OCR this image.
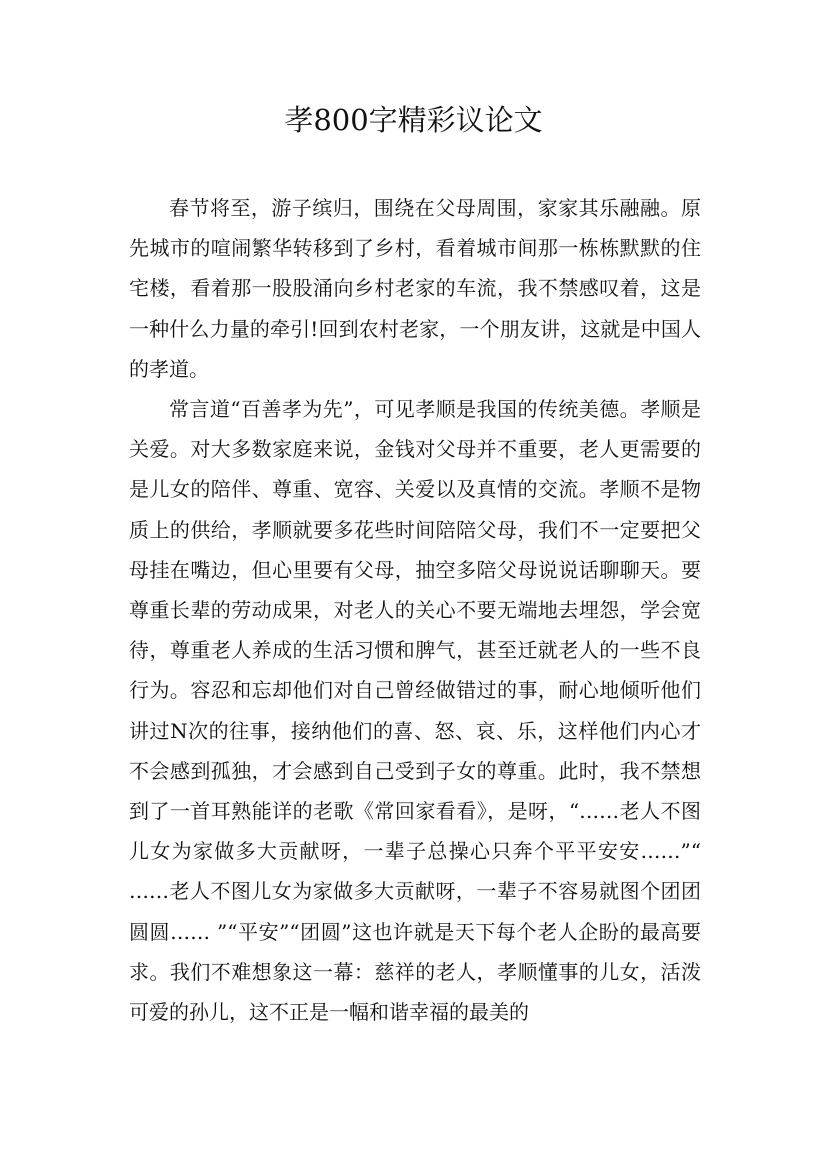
孝800字精彩议论文

春节将至，游子缤归，围绕在父母周围，家家其乐融融。原先城市的喧闹繁华转移到了乡村，看着城市间那一栋栋默默的住宅楼，看着那一股股涌向乡村老家的车流，我不禁感叹着，这是一种什么力量的牵引!回到农村老家，一个朋友讲，这就是中国人的孝道。

常言道“百善孝为先”，可见孝顺是我国的传统美德。孝顺是关爱。对大多数家庭来说，金钱对父母并不重要，老人更需要的是儿女的陪伴、尊重、宽容、关爱以及真情的交流。孝顺不是物质上的供给，孝顺就要多花些时间陪陪父母，我们不一定要把父母挂在嘴边，但心里要有父母，抽空多陪父母说说话聊聊天。要尊重长辈的劳动成果，对老人的关心不要无端地去埋怨，学会宽待，尊重老人养成的生活习惯和脾气，甚至迁就老人的一些不良行为。容忍和忘却他们对自己曾经做错过的事，耐心地倾听他们讲过N次的往事，接纳他们的喜、怒、哀、乐，这样他们内心才不会感到孤独，才会感到自己受到子女的尊重。此时，我不禁想到了一首耳熟能详的老歌《常回家看看》，是呀，“……老人不图儿女为家做多大贡献呀，一辈子总操心只奔个平平安安……”“ ……老人不图儿女为家做多大贡献呀，一辈子不容易就图个团团圆圆…… ”“平安”“团圆”这也许就是天下每个老人企盼的最高要求。我们不难想象这一幕：慈祥的老人，孝顺懂事的儿女，活泼可爱的孙儿，这不正是一幅和谐幸福的最美的
